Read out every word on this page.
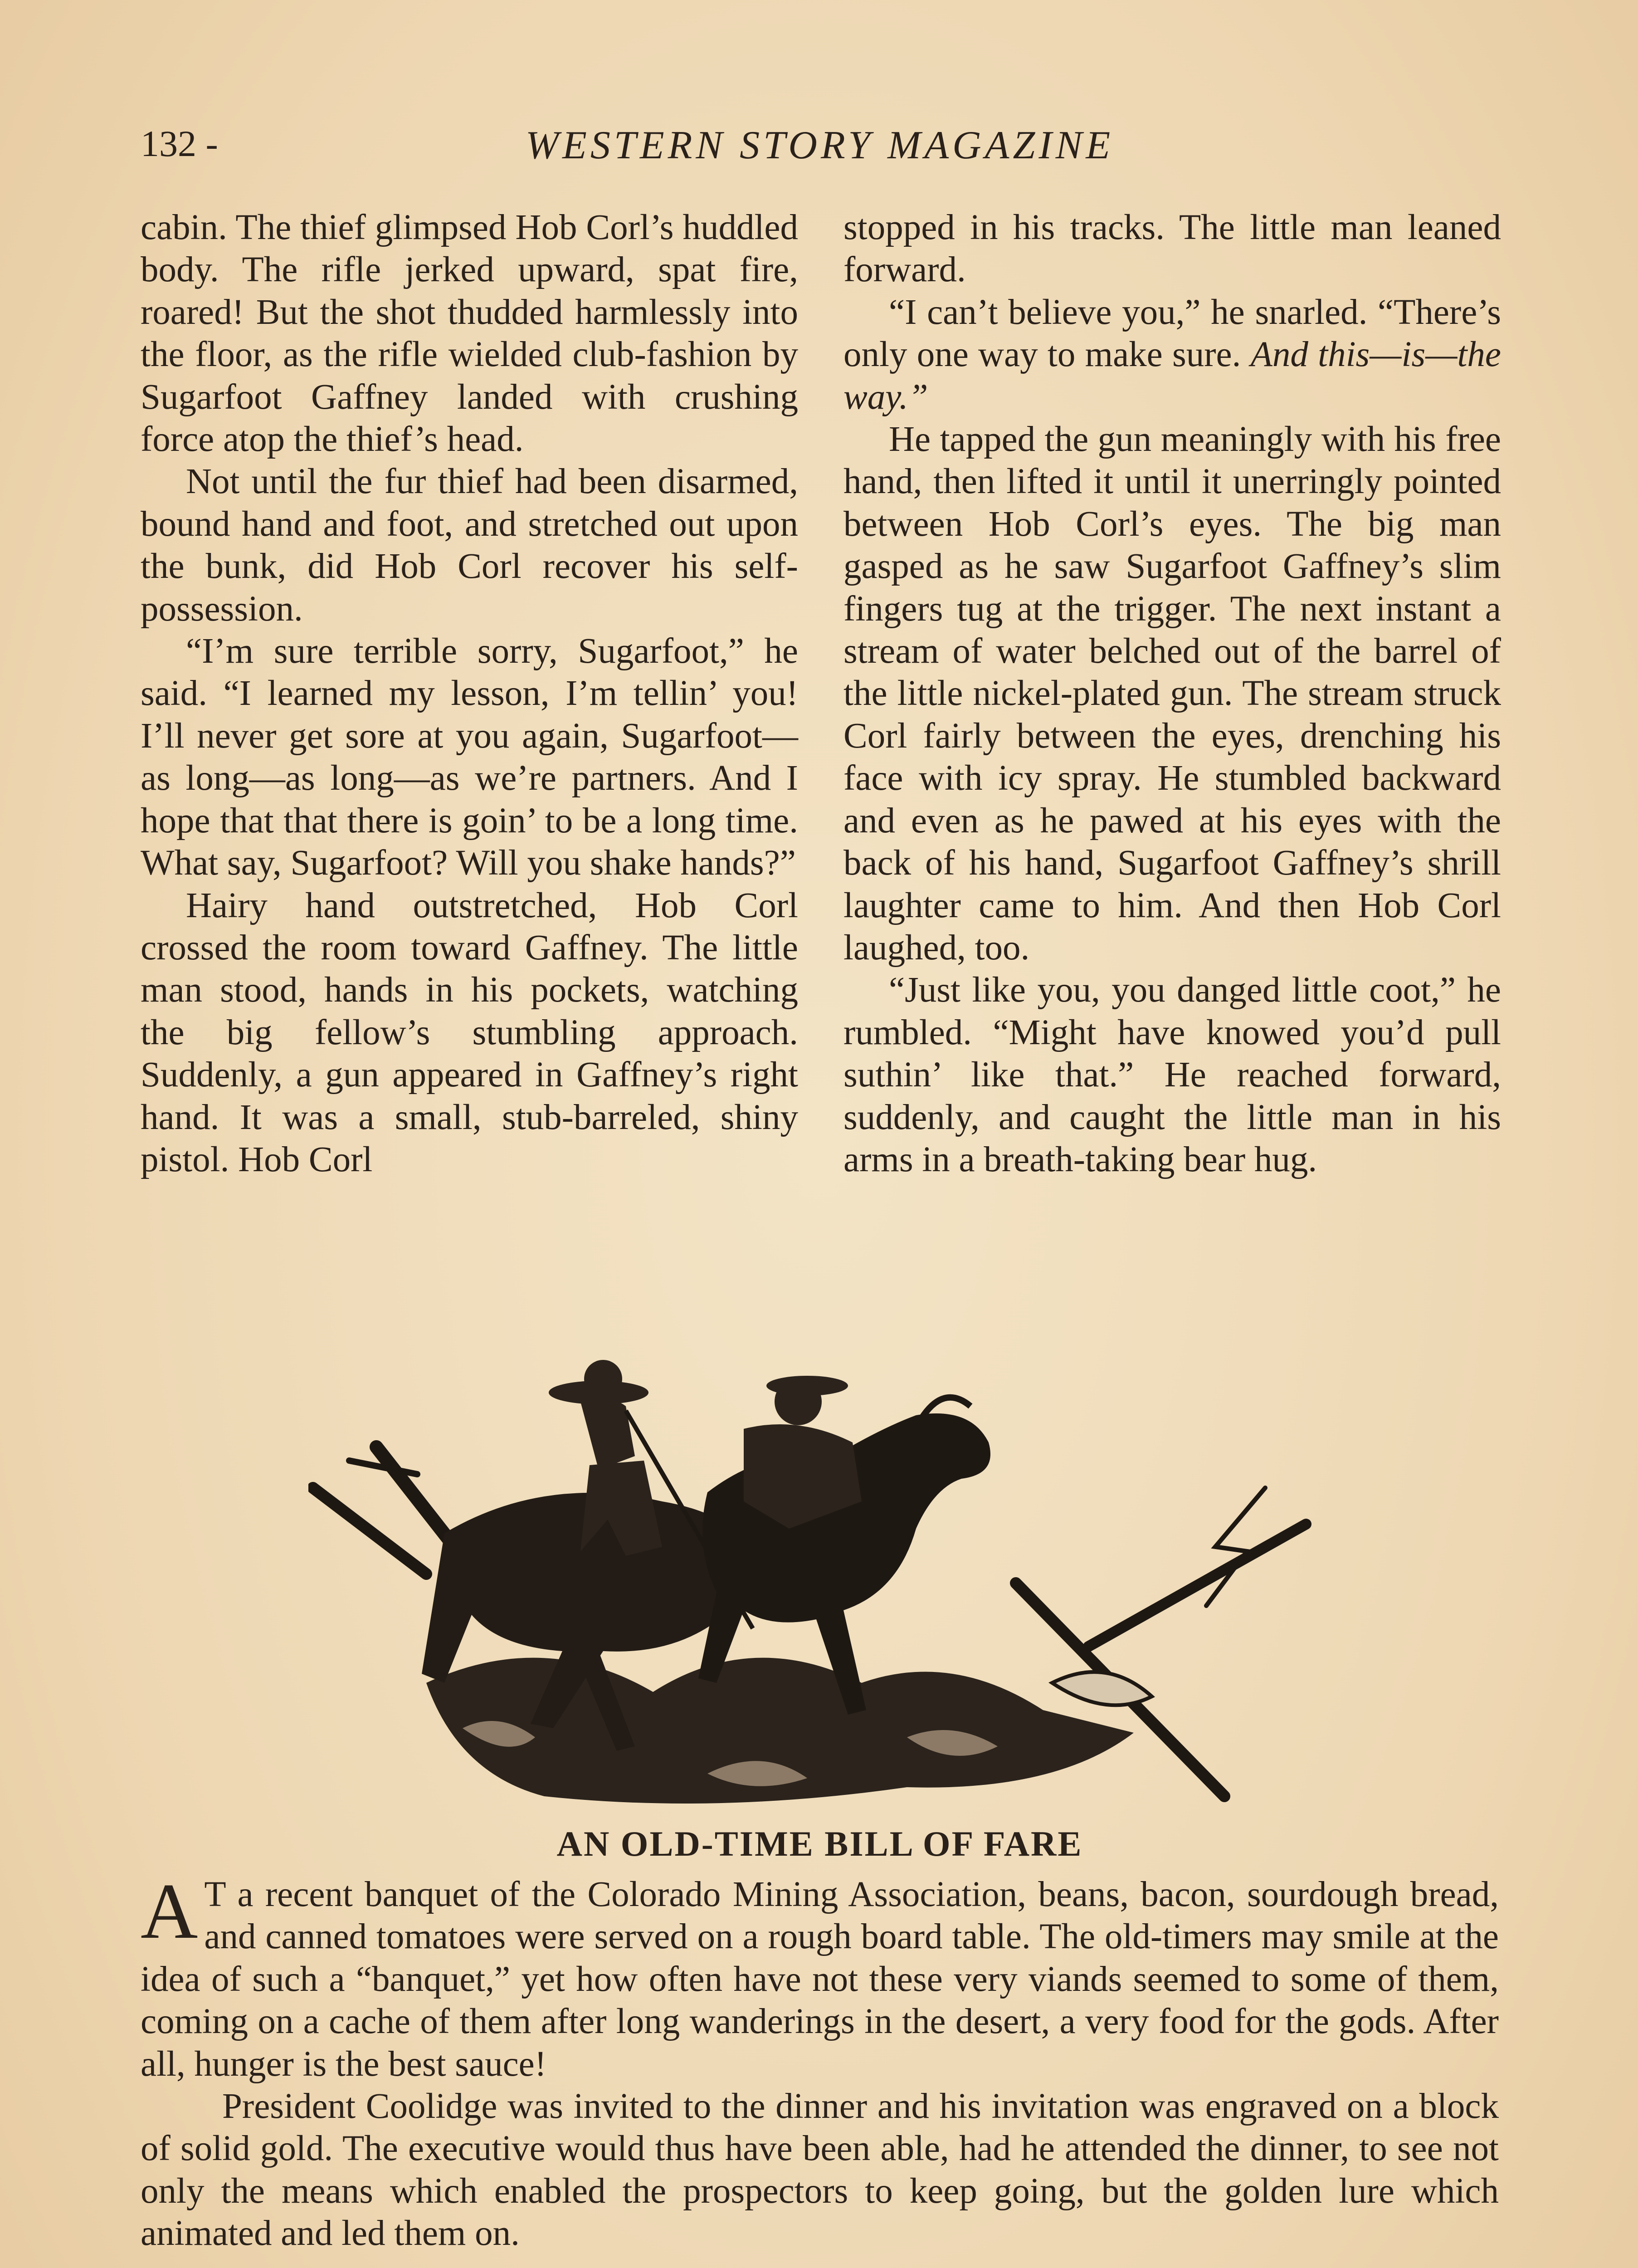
132 -	WESTERN STORY MAGAZINE

cabin. The thief glimpsed Hob Corl’s huddled body. The rifle jerked upward, spat fire, roared! But the shot thudded harmlessly into the floor, as the rifle wielded club-fashion by Sugarfoot Gaffney landed with crushing force atop the thief’s head.

Not until the fur thief had been disarmed, bound hand and foot, and stretched out upon the bunk, did Hob Corl recover his self-possession.

“I’m sure terrible sorry, Sugarfoot,” he said. “I learned my lesson, I’m tellin’ you! I’ll never get sore at you again, Sugarfoot—as long—as long—as we’re partners. And I hope that that there is goin’ to be a long time. What say, Sugarfoot? Will you shake hands?”

Hairy hand outstretched, Hob Corl crossed the room toward Gaffney. The little man stood, hands in his pockets, watching the big fellow’s stumbling approach. Suddenly, a gun appeared in Gaffney’s right hand. It was a small, stub-barreled, shiny pistol. Hob Corl

stopped in his tracks. The little man leaned forward.

“I can’t believe you,” he snarled. “There’s only one way to make sure. And this—is—the way.”

He tapped the gun meaningly with his free hand, then lifted it until it unerringly pointed between Hob Corl’s eyes. The big man gasped as he saw Sugarfoot Gaffney’s slim fingers tug at the trigger. The next instant a stream of water belched out of the barrel of the little nickel-plated gun. The stream struck Corl fairly between the eyes, drenching his face with icy spray. He stumbled backward and even as he pawed at his eyes with the back of his hand, Sugarfoot Gaffney’s shrill laughter came to him. And then Hob Corl laughed, too.

“Just like you, you danged little coot,” he rumbled. “Might have knowed you’d pull suthin’ like that.” He reached forward, suddenly, and caught the little man in his arms in a breath-taking bear hug.

AN OLD-TIME BILL OF FARE

A T a recent banquet of the Colorado Mining Association, beans, bacon, sourdough bread, and canned tomatoes were served on a rough board table. The old-timers may smile at the idea of such a “banquet,” yet how often have not these very viands seemed to some of them, coming on a cache of them after long wanderings in the desert, a very food for the gods. After all, hunger is the best sauce!

President Coolidge was invited to the dinner and his invitation was engraved on a block of solid gold. The executive would thus have been able, had he attended the dinner, to see not only the means which enabled the prospectors to keep going, but the golden lure which animated and led them on.
